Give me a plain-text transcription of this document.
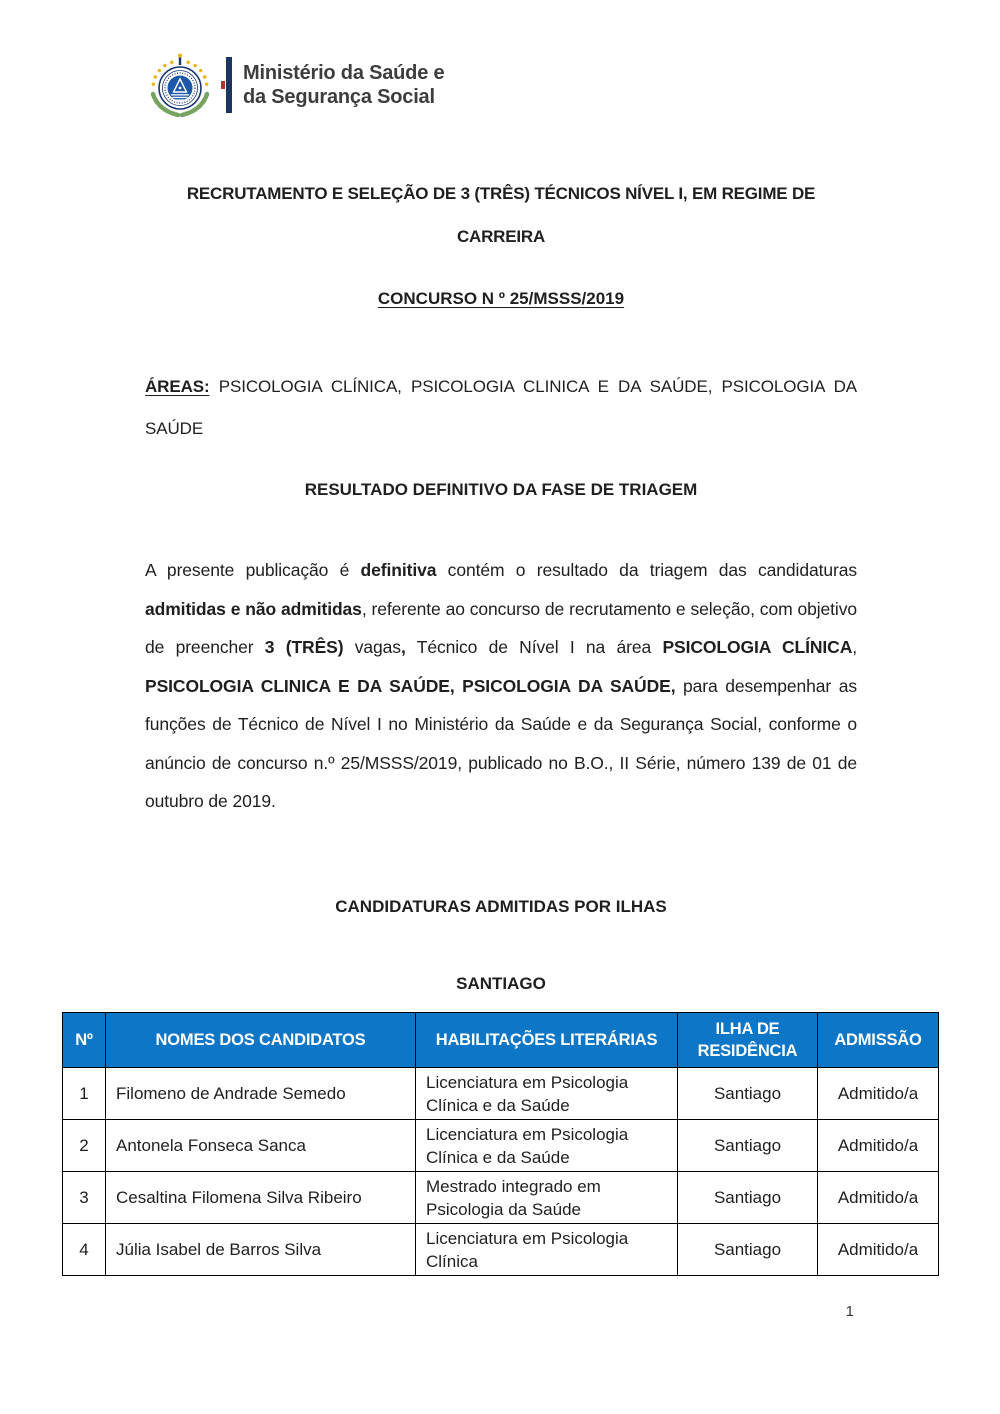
Ministério da Saúde e
da Segurança Social
RECRUTAMENTO E SELEÇÃO DE 3 (TRÊS) TÉCNICOS NÍVEL I, EM REGIME DE
CARREIRA
CONCURSO N º 25/MSSS/2019
ÁREAS: PSICOLOGIA CLÍNICA, PSICOLOGIA CLINICA E DA SAÚDE, PSICOLOGIA DA SAÚDE
RESULTADO DEFINITIVO DA FASE DE TRIAGEM

A presente publicação é definitiva contém o resultado da triagem das candidaturas admitidas e não admitidas, referente ao concurso de recrutamento e seleção, com objetivo de preencher 3 (TRÊS) vagas, Técnico de Nível I na área PSICOLOGIA CLÍNICA, PSICOLOGIA CLINICA E DA SAÚDE, PSICOLOGIA DA SAÚDE, para desempenhar as funções de Técnico de Nível I no Ministério da Saúde e da Segurança Social, conforme o anúncio de concurso n.º 25/MSSS/2019, publicado no B.O., II Série, número 139 de 01 de outubro de 2019.

CANDIDATURAS ADMITIDAS POR ILHAS
SANTIAGO
Nº	NOMES DOS CANDIDATOS	HABILITAÇÕES LITERÁRIAS	ILHA DE RESIDÊNCIA	ADMISSÃO
1	Filomeno de Andrade Semedo	Licenciatura em Psicologia Clínica e da Saúde	Santiago	Admitido/a
2	Antonela Fonseca Sanca	Licenciatura em Psicologia Clínica e da Saúde	Santiago	Admitido/a
3	Cesaltina Filomena Silva Ribeiro	Mestrado integrado em Psicologia da Saúde	Santiago	Admitido/a
4	Júlia Isabel de Barros Silva	Licenciatura em Psicologia Clínica	Santiago	Admitido/a
1
